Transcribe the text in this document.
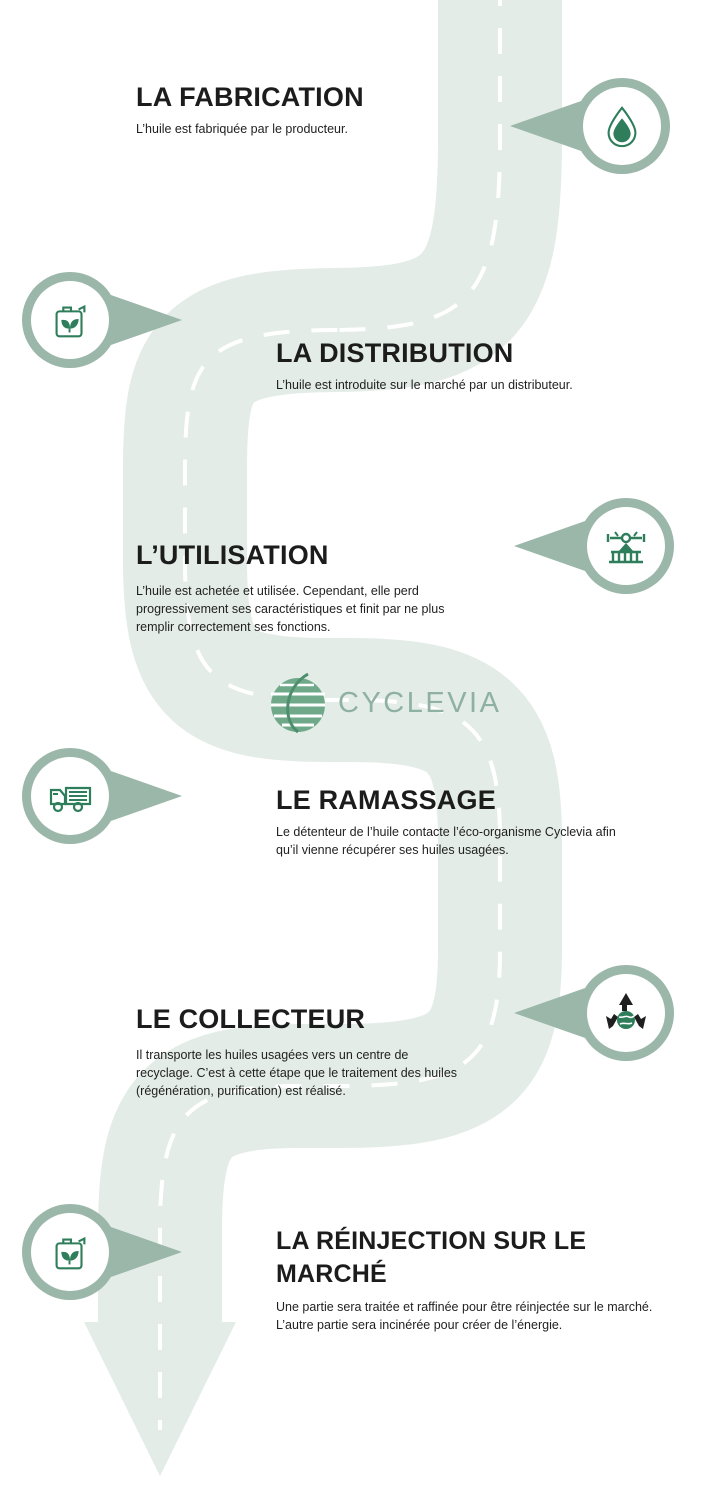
LA FABRICATION

L’huile est fabriquée par le producteur.

LA DISTRIBUTION

L’huile est introduite sur le marché par un distributeur.

L’UTILISATION

L’huile est achetée et utilisée. Cependant, elle perd progressivement ses caractéristiques et finit par ne plus remplir correctement ses fonctions.

CYCLEVIA
LE RAMASSAGE

Le détenteur de l’huile contacte l’éco-organisme Cyclevia afin qu’il vienne récupérer ses huiles usagées.

LE COLLECTEUR

Il transporte les huiles usagées vers un centre de recyclage. C’est à cette étape que le traitement des huiles (régénération, purification) est réalisé.

LA RÉINJECTION SUR LE MARCHÉ

Une partie sera traitée et raffinée pour être réinjectée sur le marché. L’autre partie sera incinérée pour créer de l’énergie.
